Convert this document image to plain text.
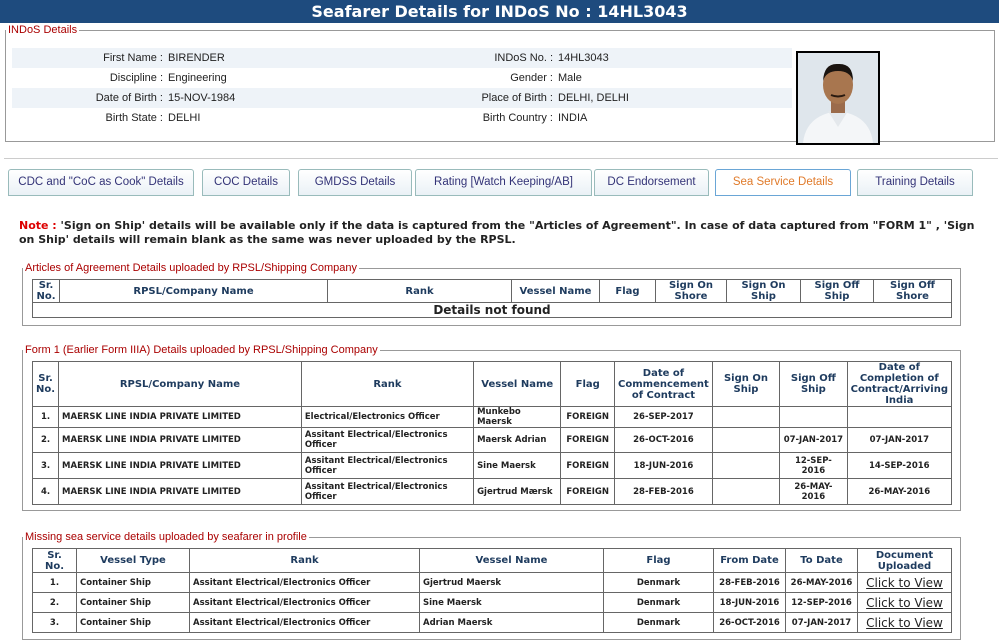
Seafarer Details for INDoS No : 14HL3043
INDoS Details
First Name :	BIRENDER	INDoS No. :	14HL3043
Discipline :	Engineering	Gender :	Male
Date of Birth :	15-NOV-1984	Place of Birth :	DELHI, DELHI
Birth State :	DELHI	Birth Country :	INDIA
CDC and "CoC as Cook" Details	COC Details	GMDSS Details	Rating [Watch Keeping/AB]	DC Endorsement	Sea Service Details	Training Details
Note : 'Sign on Ship' details will be available only if the data is captured from the "Articles of Agreement". In case of data captured from "FORM 1" , 'Sign on Ship' details will remain blank as the same was never uploaded by the RPSL.
Articles of Agreement Details uploaded by RPSL/Shipping Company
Sr. No.	RPSL/Company Name	Rank	Vessel Name	Flag	Sign On Shore	Sign On Ship	Sign Off Ship	Sign Off Shore
Details not found
Form 1 (Earlier Form IIIA) Details uploaded by RPSL/Shipping Company
Sr. No.	RPSL/Company Name	Rank	Vessel Name	Flag	Date of Commencement of Contract	Sign On Ship	Sign Off Ship	Date of Completion of Contract/Arriving India
1.	MAERSK LINE INDIA PRIVATE LIMITED	Electrical/Electronics Officer	Munkebo Maersk	FOREIGN	26-SEP-2017			
2.	MAERSK LINE INDIA PRIVATE LIMITED	Assitant Electrical/Electronics Officer	Maersk Adrian	FOREIGN	26-OCT-2016		07-JAN-2017	07-JAN-2017
3.	MAERSK LINE INDIA PRIVATE LIMITED	Assitant Electrical/Electronics Officer	Sine Maersk	FOREIGN	18-JUN-2016		12-SEP-2016	14-SEP-2016
4.	MAERSK LINE INDIA PRIVATE LIMITED	Assitant Electrical/Electronics Officer	Gjertrud Mærsk	FOREIGN	28-FEB-2016		26-MAY-2016	26-MAY-2016
Missing sea service details uploaded by seafarer in profile
Sr. No.	Vessel Type	Rank	Vessel Name	Flag	From Date	To Date	Document Uploaded
1.	Container Ship	Assitant Electrical/Electronics Officer	Gjertrud Maersk	Denmark	28-FEB-2016	26-MAY-2016	Click to View
2.	Container Ship	Assitant Electrical/Electronics Officer	Sine Maersk	Denmark	18-JUN-2016	12-SEP-2016	Click to View
3.	Container Ship	Assitant Electrical/Electronics Officer	Adrian Maersk	Denmark	26-OCT-2016	07-JAN-2017	Click to View
